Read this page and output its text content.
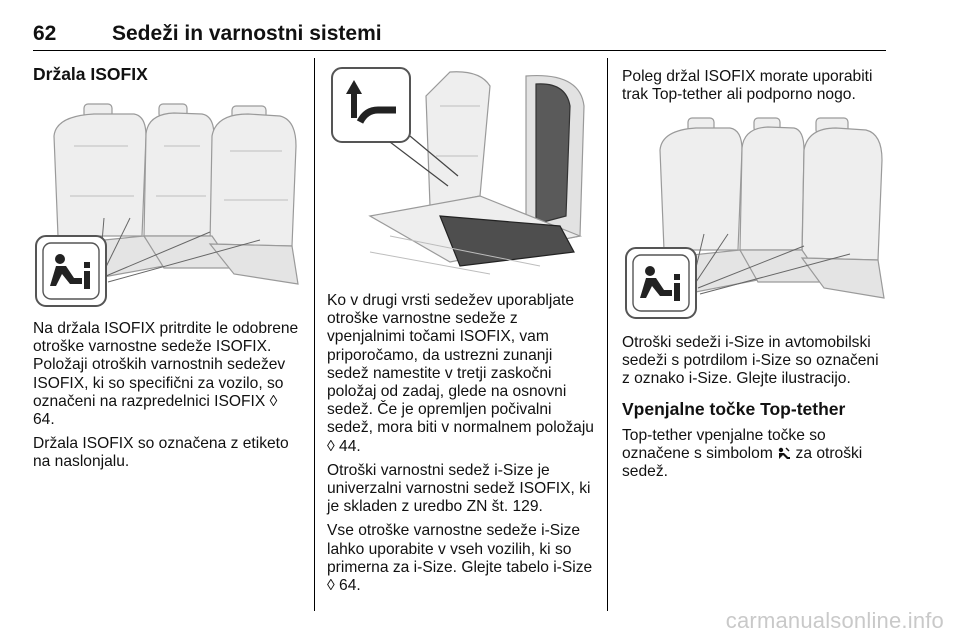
62	Sedeži in varnostni sistemi
Držala ISOFIX

Na držala ISOFIX pritrdite le odobrene otroške varnostne sedeže ISOFIX. Položaji otroških varnostnih sedežev ISOFIX, ki so specifični za vozilo, so označeni na razpredelnici ISOFIX ◊ 64.

Držala ISOFIX so označena z etiketo na naslonjalu.

Ko v drugi vrsti sedežev uporabljate otroške varnostne sedeže z vpenjalnimi točami ISOFIX, vam priporočamo, da ustrezni zunanji sedež namestite v tretji zaskočni položaj od zadaj, glede na osnovni sedež. Če je opremljen počivalni sedež, mora biti v normalnem položaju ◊ 44.

Otroški varnostni sedež i-Size je univerzalni varnostni sedež ISOFIX, ki je skladen z uredbo ZN št. 129.

Vse otroške varnostne sedeže i-Size lahko uporabite v vseh vozilih, ki so primerna za i-Size. Glejte tabelo i-Size ◊ 64.

Poleg držal ISOFIX morate uporabiti trak Top-tether ali podporno nogo.

Otroški sedeži i-Size in avtomobilski sedeži s potrdilom i-Size so označeni z oznako i-Size. Glejte ilustracijo.

Vpenjalne točke Top-tether

Top-tether vpenjalne točke so označene s simbolom za otroški sedež.

carmanualsonline.info
